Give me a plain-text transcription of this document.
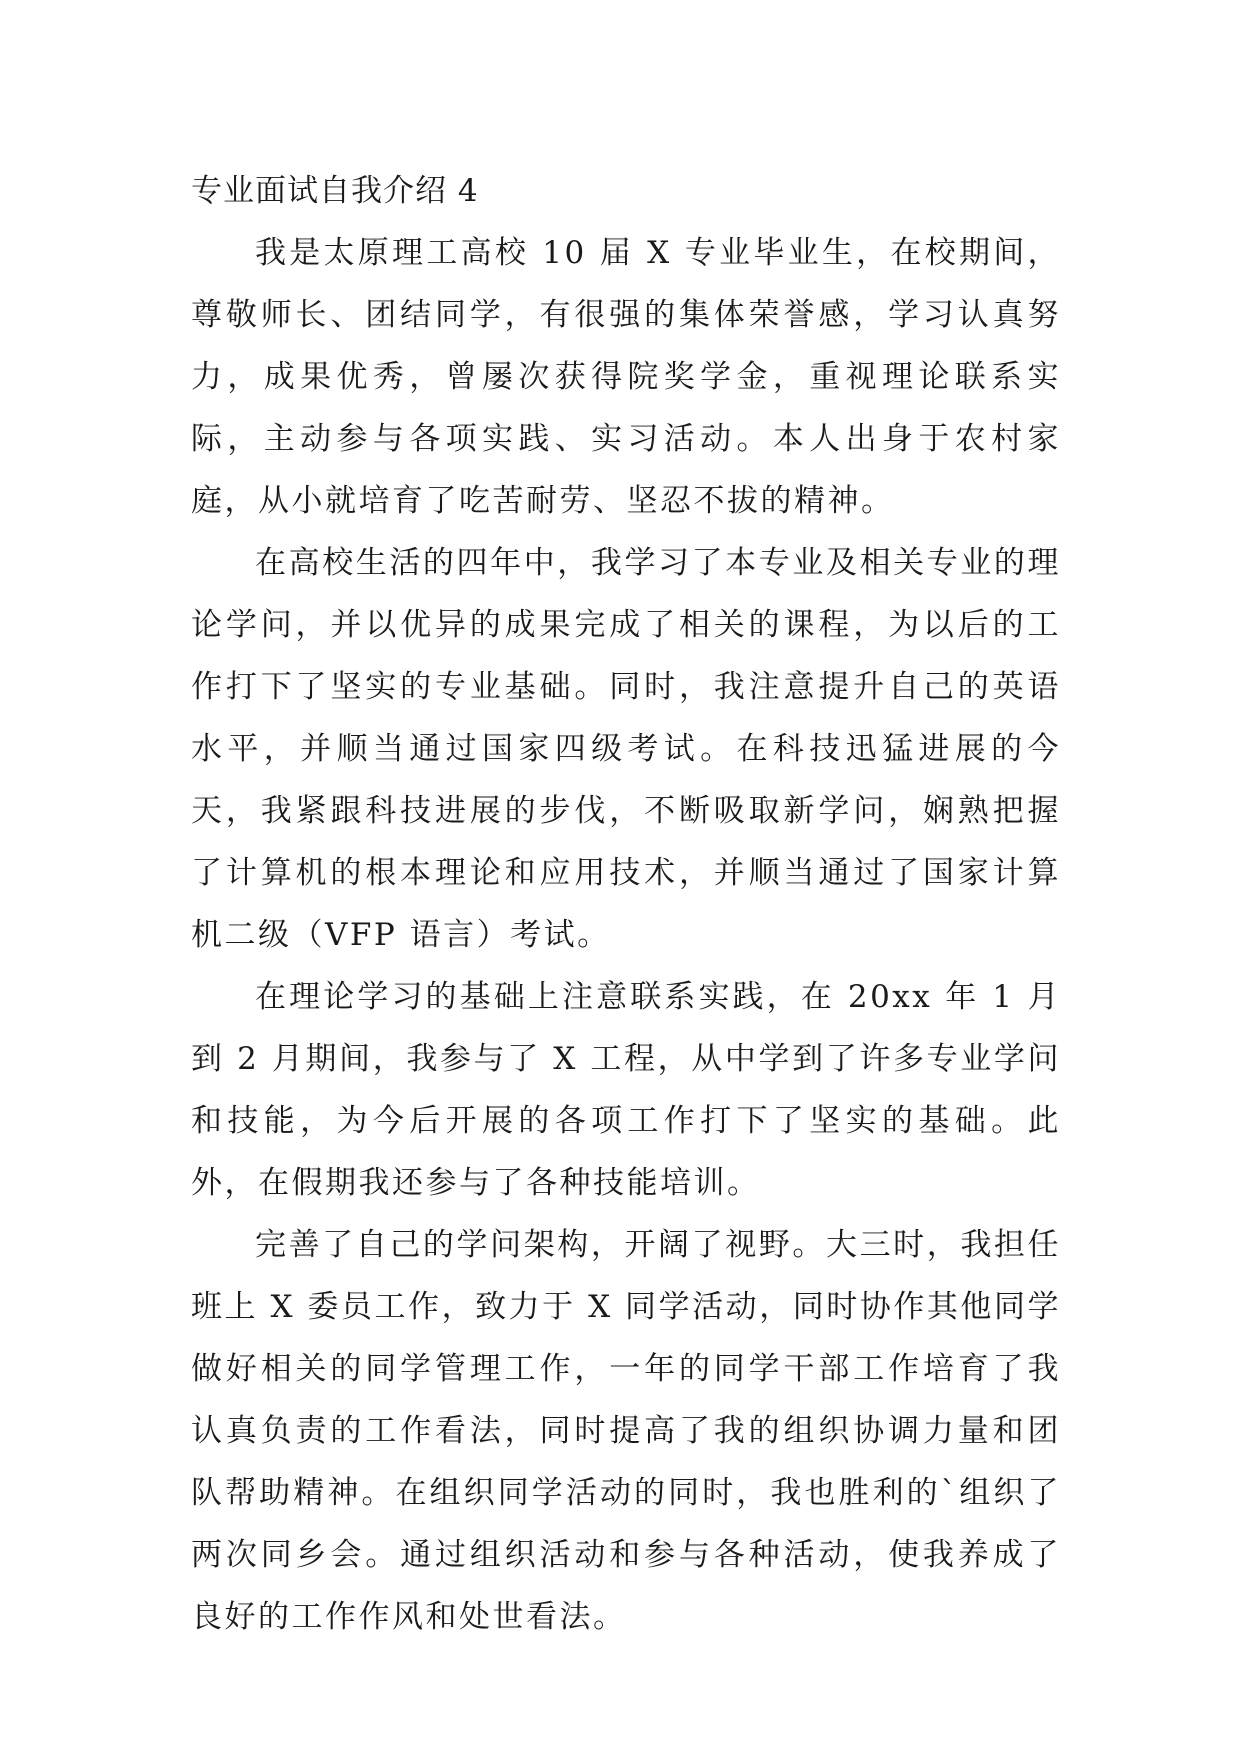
专业面试自我介绍 4

我是太原理工高校 10 届 X 专业毕业生，在校期间，尊敬师长、团结同学，有很强的集体荣誉感，学习认真努力，成果优秀，曾屡次获得院奖学金，重视理论联系实际，主动参与各项实践、实习活动。本人出身于农村家庭，从小就培育了吃苦耐劳、坚忍不拔的精神。

在高校生活的四年中，我学习了本专业及相关专业的理论学问，并以优异的成果完成了相关的课程，为以后的工作打下了坚实的专业基础。同时，我注意提升自己的英语水平，并顺当通过国家四级考试。在科技迅猛进展的今天，我紧跟科技进展的步伐，不断吸取新学问，娴熟把握了计算机的根本理论和应用技术，并顺当通过了国家计算机二级（VFP 语言）考试。

在理论学习的基础上注意联系实践，在 20xx 年 1 月到 2 月期间，我参与了 X 工程，从中学到了许多专业学问和技能，为今后开展的各项工作打下了坚实的基础。此外，在假期我还参与了各种技能培训。

完善了自己的学问架构，开阔了视野。大三时，我担任班上 X 委员工作，致力于 X 同学活动，同时协作其他同学做好相关的同学管理工作，一年的同学干部工作培育了我认真负责的工作看法，同时提高了我的组织协调力量和团队帮助精神。在组织同学活动的同时，我也胜利的`组织了两次同乡会。通过组织活动和参与各种活动，使我养成了良好的工作作风和处世看法。
